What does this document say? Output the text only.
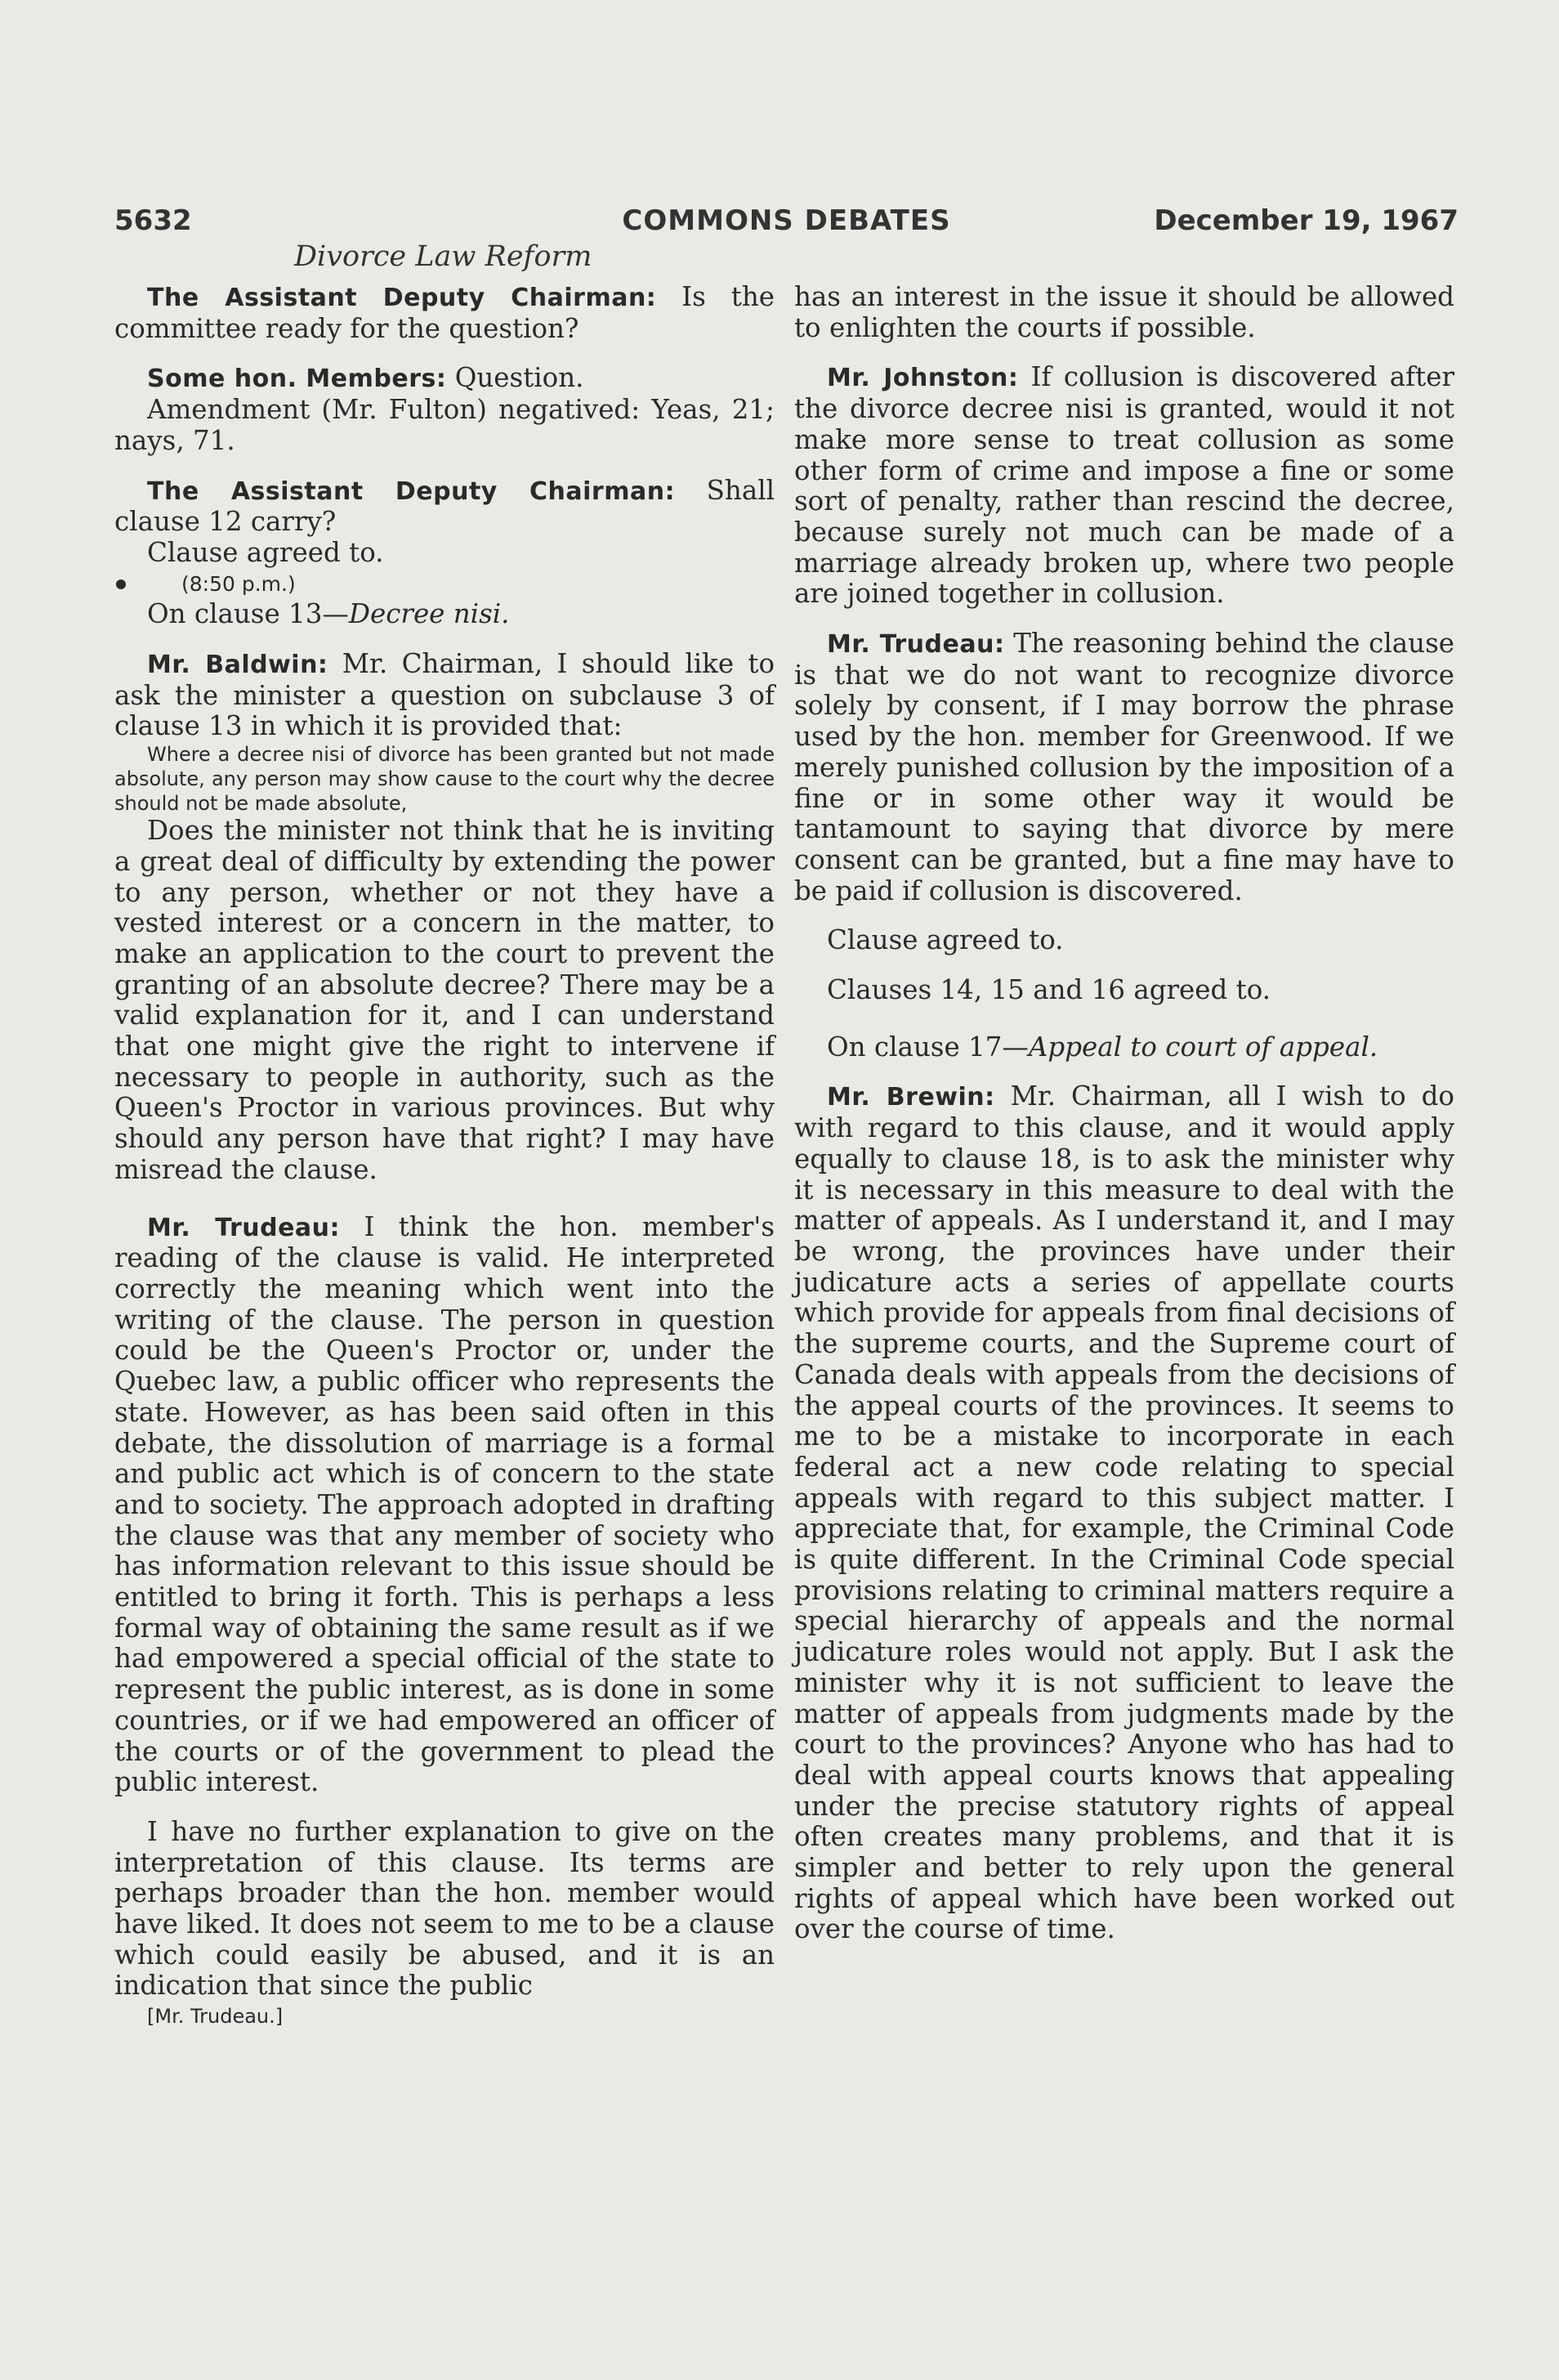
5632	COMMONS DEBATES	December 19, 1967
Divorce Law Reform

The Assistant Deputy Chairman: Is the committee ready for the question?

Some hon. Members: Question.

Amendment (Mr. Fulton) negatived: Yeas, 21; nays, 71.

The Assistant Deputy Chairman: Shall clause 12 carry?

Clause agreed to.

(8:50 p.m.)

On clause 13—Decree nisi.

Mr. Baldwin: Mr. Chairman, I should like to ask the minister a question on subclause 3 of clause 13 in which it is provided that:

Where a decree nisi of divorce has been granted but not made absolute, any person may show cause to the court why the decree should not be made absolute,

Does the minister not think that he is inviting a great deal of difficulty by extending the power to any person, whether or not they have a vested interest or a concern in the matter, to make an application to the court to prevent the granting of an absolute decree? There may be a valid explanation for it, and I can understand that one might give the right to intervene if necessary to people in authority, such as the Queen's Proctor in various provinces. But why should any person have that right? I may have misread the clause.

Mr. Trudeau: I think the hon. member's reading of the clause is valid. He interpreted correctly the meaning which went into the writing of the clause. The person in question could be the Queen's Proctor or, under the Quebec law, a public officer who represents the state. However, as has been said often in this debate, the dissolution of marriage is a formal and public act which is of concern to the state and to society. The approach adopted in drafting the clause was that any member of society who has information relevant to this issue should be entitled to bring it forth. This is perhaps a less formal way of obtaining the same result as if we had empowered a special official of the state to represent the public interest, as is done in some countries, or if we had empowered an officer of the courts or of the government to plead the public interest.

I have no further explanation to give on the interpretation of this clause. Its terms are perhaps broader than the hon. member would have liked. It does not seem to me to be a clause which could easily be abused, and it is an indication that since the public

[Mr. Trudeau.]

has an interest in the issue it should be allowed to enlighten the courts if possible.

Mr. Johnston: If collusion is discovered after the divorce decree nisi is granted, would it not make more sense to treat collusion as some other form of crime and impose a fine or some sort of penalty, rather than rescind the decree, because surely not much can be made of a marriage already broken up, where two people are joined together in collusion.

Mr. Trudeau: The reasoning behind the clause is that we do not want to recognize divorce solely by consent, if I may borrow the phrase used by the hon. member for Greenwood. If we merely punished collusion by the imposition of a fine or in some other way it would be tantamount to saying that divorce by mere consent can be granted, but a fine may have to be paid if collusion is discovered.

Clause agreed to.

Clauses 14, 15 and 16 agreed to.

On clause 17—Appeal to court of appeal.

Mr. Brewin: Mr. Chairman, all I wish to do with regard to this clause, and it would apply equally to clause 18, is to ask the minister why it is necessary in this measure to deal with the matter of appeals. As I understand it, and I may be wrong, the provinces have under their judicature acts a series of appellate courts which provide for appeals from final decisions of the supreme courts, and the Supreme court of Canada deals with appeals from the decisions of the appeal courts of the provinces. It seems to me to be a mistake to incorporate in each federal act a new code relating to special appeals with regard to this subject matter. I appreciate that, for example, the Criminal Code is quite different. In the Criminal Code special provisions relating to criminal matters require a special hierarchy of appeals and the normal judicature roles would not apply. But I ask the minister why it is not sufficient to leave the matter of appeals from judgments made by the court to the provinces? Anyone who has had to deal with appeal courts knows that appealing under the precise statutory rights of appeal often creates many problems, and that it is simpler and better to rely upon the general rights of appeal which have been worked out over the course of time.
